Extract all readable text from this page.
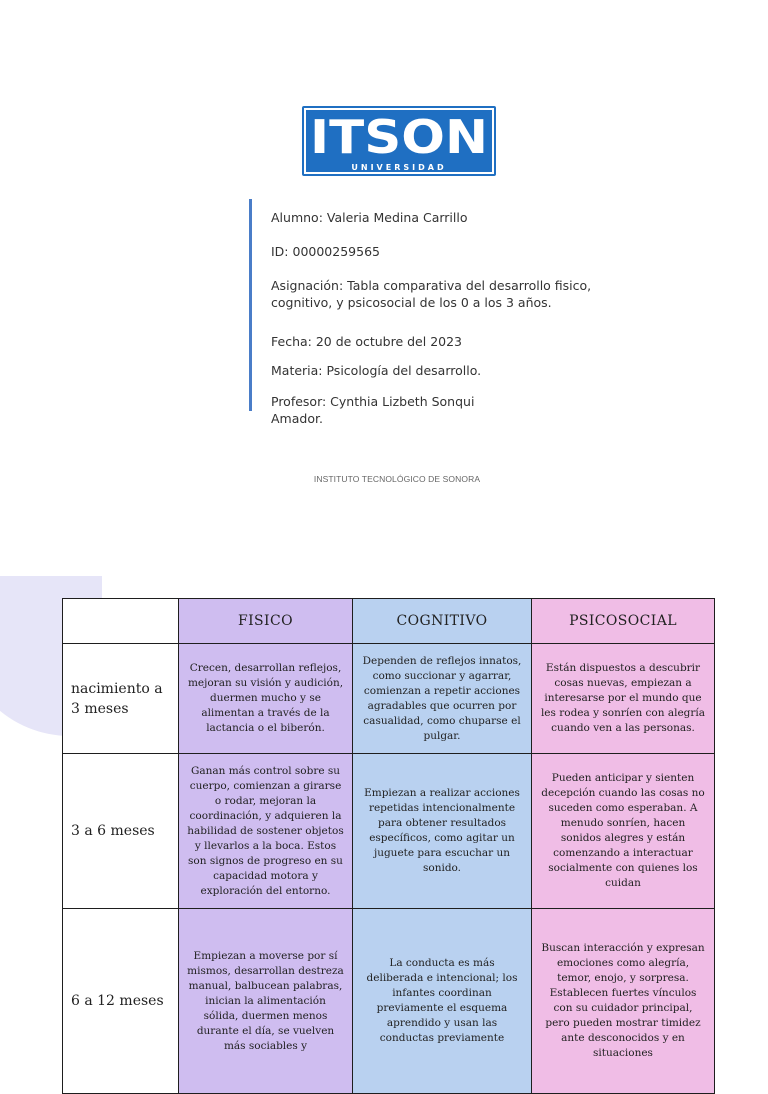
ITSON
UNIVERSIDAD
Alumno: Valeria Medina Carrillo
ID: 00000259565
Asignación: Tabla comparativa del desarrollo fisico, cognitivo, y psicosocial de los 0 a los 3 años.
Fecha: 20 de octubre del 2023
Materia: Psicología del desarrollo.
Profesor: Cynthia Lizbeth Sonqui Amador.
INSTITUTO TECNOLÓGICO DE SONORA
	FISICO	COGNITIVO	PSICOSOCIAL
nacimiento a 3 meses	Crecen, desarrollan reflejos, mejoran su visión y audición, duermen mucho y se alimentan a través de la lactancia o el biberón.	Dependen de reflejos innatos, como succionar y agarrar, comienzan a repetir acciones agradables que ocurren por casualidad, como chuparse el pulgar.	Están dispuestos a descubrir cosas nuevas, empiezan a interesarse por el mundo que les rodea y sonríen con alegría cuando ven a las personas.
3 a 6 meses	Ganan más control sobre su cuerpo, comienzan a girarse o rodar, mejoran la coordinación, y adquieren la habilidad de sostener objetos y llevarlos a la boca. Estos son signos de progreso en su capacidad motora y exploración del entorno.	Empiezan a realizar acciones repetidas intencionalmente para obtener resultados específicos, como agitar un juguete para escuchar un sonido.	Pueden anticipar y sienten decepción cuando las cosas no suceden como esperaban. A menudo sonríen, hacen sonidos alegres y están comenzando a interactuar socialmente con quienes los cuidan
6 a 12 meses	Empiezan a moverse por sí mismos, desarrollan destreza manual, balbucean palabras, inician la alimentación sólida, duermen menos durante el día, se vuelven más sociables y	La conducta es más deliberada e intencional; los infantes coordinan previamente el esquema aprendido y usan las conductas previamente	Buscan interacción y expresan emociones como alegría, temor, enojo, y sorpresa. Establecen fuertes vínculos con su cuidador principal, pero pueden mostrar timidez ante desconocidos y en situaciones
